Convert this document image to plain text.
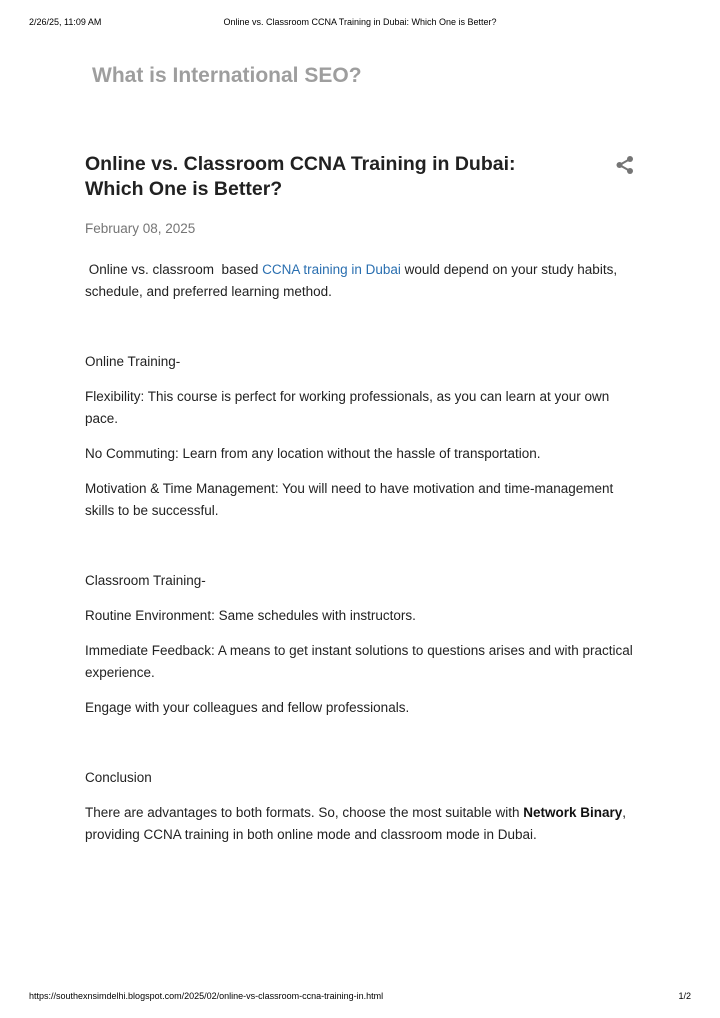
2/26/25, 11:09 AM	Online vs. Classroom CCNA Training in Dubai: Which One is Better?
What is International SEO?
Online vs. Classroom CCNA Training in Dubai: Which One is Better?
February 08, 2025

Online vs. classroom  based CCNA training in Dubai would depend on your study habits, schedule, and preferred learning method.

Online Training-

Flexibility: This course is perfect for working professionals, as you can learn at your own pace.

No Commuting: Learn from any location without the hassle of transportation.

Motivation & Time Management: You will need to have motivation and time-management skills to be successful.

Classroom Training-

Routine Environment: Same schedules with instructors.

Immediate Feedback: A means to get instant solutions to questions arises and with practical experience.

Engage with your colleagues and fellow professionals.

Conclusion

There are advantages to both formats. So, choose the most suitable with Network Binary, providing CCNA training in both online mode and classroom mode in Dubai.

https://southexnsimdelhi.blogspot.com/2025/02/online-vs-classroom-ccna-training-in.html	1/2
